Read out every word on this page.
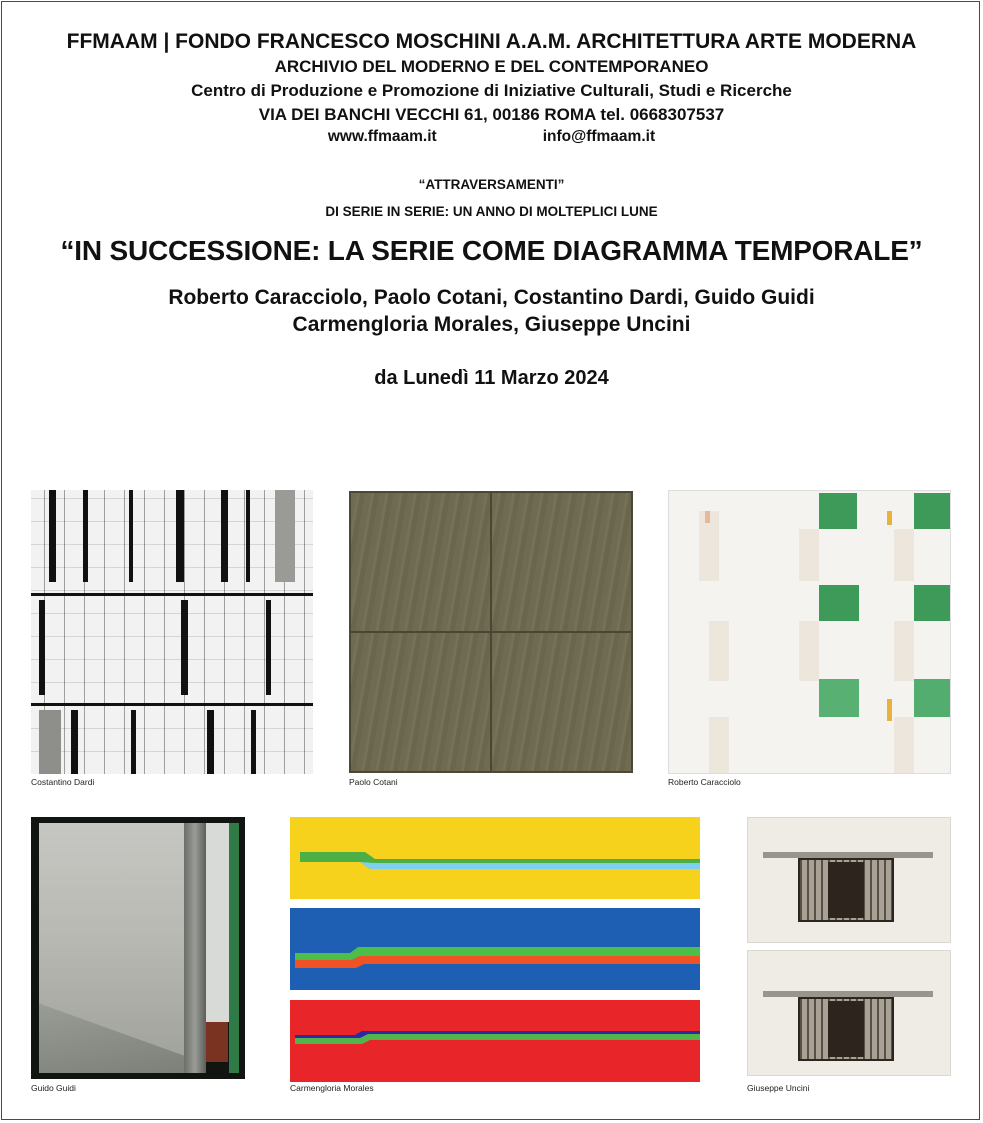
FFMAAM | FONDO FRANCESCO MOSCHINI A.A.M. ARCHITETTURA ARTE MODERNA
ARCHIVIO DEL MODERNO E DEL CONTEMPORANEO
Centro di Produzione e Promozione di Iniziative Culturali, Studi e Ricerche
VIA DEI BANCHI VECCHI 61, 00186 ROMA tel. 0668307537
www.ffmaam.it	info@ffmaam.it
“ATTRAVERSAMENTI”
DI SERIE IN SERIE: UN ANNO DI MOLTEPLICI LUNE
“IN SUCCESSIONE: LA SERIE COME DIAGRAMMA TEMPORALE”
Roberto Caracciolo, Paolo Cotani, Costantino Dardi, Guido Guidi
Carmengloria Morales, Giuseppe Uncini
da Lunedì 11 Marzo 2024
Costantino Dardi	Paolo Cotani	Roberto Caracciolo
Guido Guidi	Carmengloria Morales	Giuseppe Uncini
